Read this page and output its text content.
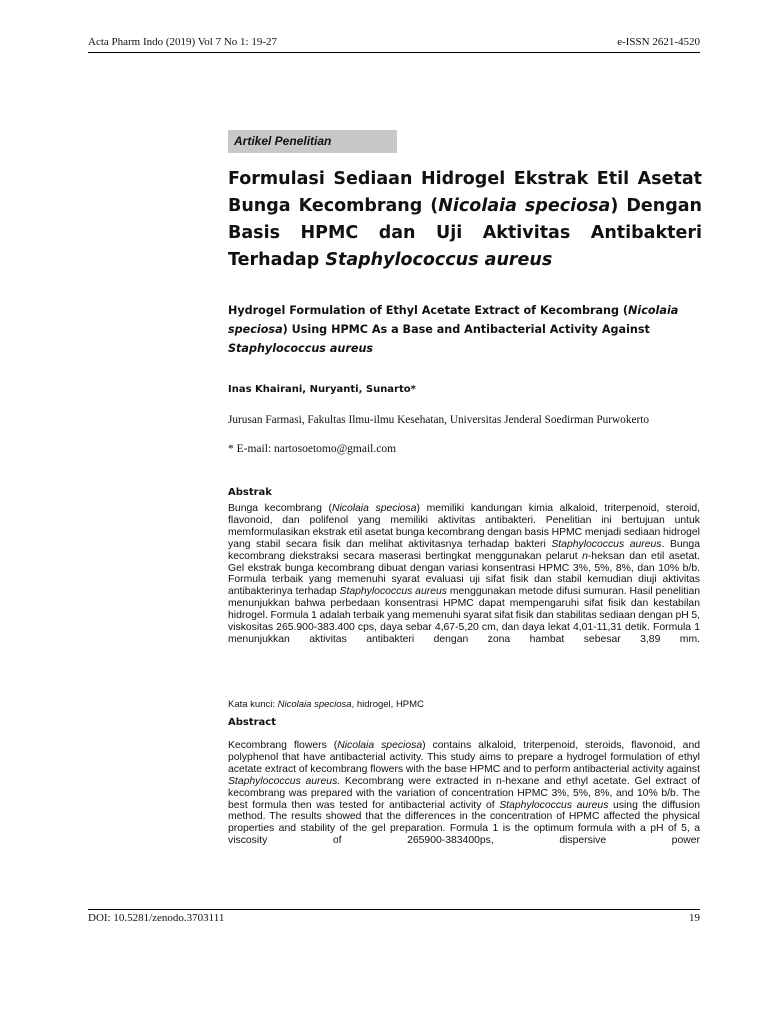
Acta Pharm Indo (2019) Vol 7 No 1: 19-27	e-ISSN 2621-4520
Artikel Penelitian
Formulasi Sediaan Hidrogel Ekstrak Etil Asetat Bunga Kecombrang (Nicolaia speciosa) Dengan Basis HPMC dan Uji Aktivitas Antibakteri Terhadap Staphylococcus aureus
Hydrogel Formulation of Ethyl Acetate Extract of Kecombrang (Nicolaia speciosa) Using HPMC As a Base and Antibacterial Activity Against Staphylococcus aureus
Inas Khairani, Nuryanti, Sunarto*
Jurusan Farmasi, Fakultas Ilmu-ilmu Kesehatan, Universitas Jenderal Soedirman Purwokerto
* E-mail: nartosoetomo@gmail.com
Abstrak

Bunga kecombrang (Nicolaia speciosa) memiliki kandungan kimia alkaloid, triterpenoid, steroid, flavonoid, dan polifenol yang memiliki aktivitas antibakteri. Penelitian ini bertujuan untuk memformulasikan ekstrak etil asetat bunga kecombrang dengan basis HPMC menjadi sediaan hidrogel yang stabil secara fisik dan melihat aktivitasnya terhadap bakteri Staphylococcus aureus. Bunga kecombrang diekstraksi secara maserasi bertingkat menggunakan pelarut n-heksan dan etil asetat. Gel ekstrak bunga kecombrang dibuat dengan variasi konsentrasi HPMC 3%, 5%, 8%, dan 10% b/b. Formula terbaik yang memenuhi syarat evaluasi uji sifat fisik dan stabil kemudian diuji aktivitas antibakterinya terhadap Staphylococcus aureus menggunakan metode difusi sumuran. Hasil penelitian menunjukkan bahwa perbedaan konsentrasi HPMC dapat mempengaruhi sifat fisik dan kestabilan hidrogel. Formula 1 adalah terbaik yang memenuhi syarat sifat fisik dan stabilitas sediaan dengan pH 5, viskositas 265.900-383.400 cps, daya sebar 4,67-5,20 cm, dan daya lekat 4,01-11,31 detik. Formula 1 menunjukkan aktivitas antibakteri dengan zona hambat sebesar 3,89 mm.

Kata kunci: Nicolaia speciosa, hidrogel, HPMC
Abstract

Kecombrang flowers (Nicolaia speciosa) contains alkaloid, triterpenoid, steroids, flavonoid, and polyphenol that have antibacterial activity. This study aims to prepare a hydrogel formulation of ethyl acetate extract of kecombrang flowers with the base HPMC and to perform antibacterial activity against Staphylococcus aureus. Kecombrang were extracted in n-hexane and ethyl acetate. Gel extract of kecombrang was prepared with the variation of concentration HPMC 3%, 5%, 8%, and 10% b/b. The best formula then was tested for antibacterial activity of Staphylococcus aureus using the diffusion method. The results showed that the differences in the concentration of HPMC affected the physical properties and stability of the gel preparation. Formula 1 is the optimum formula with a pH of 5, a viscosity of 265900-383400ps, dispersive power

DOI: 10.5281/zenodo.3703111	19
